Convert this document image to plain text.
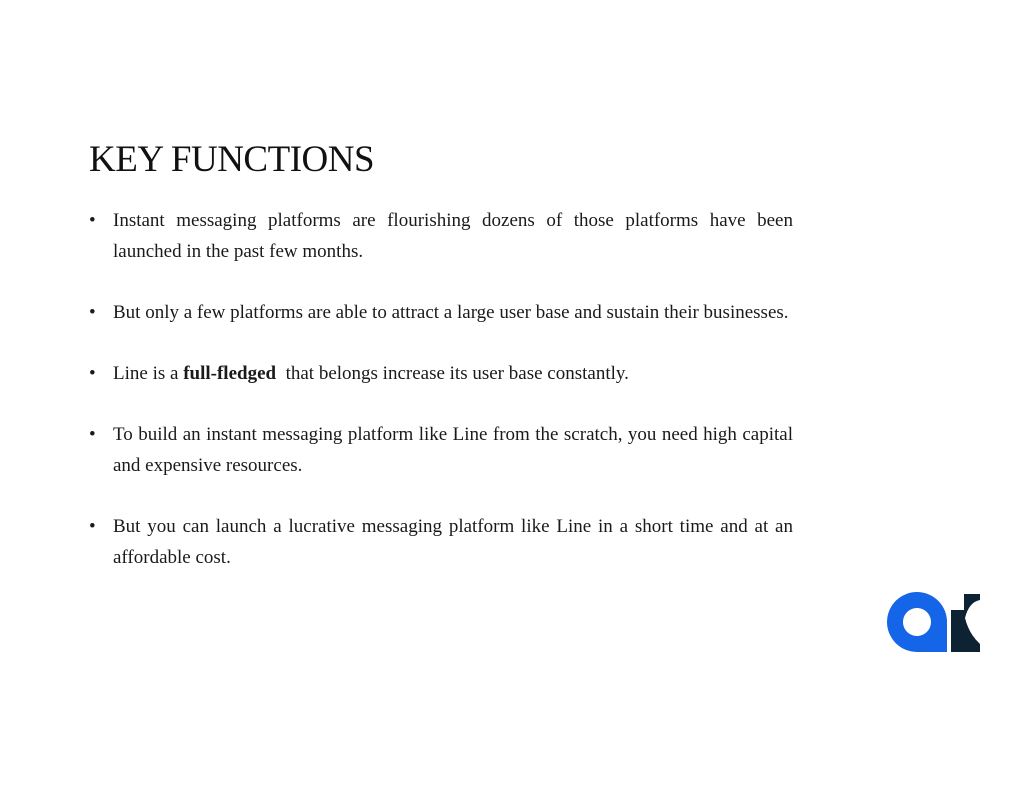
KEY FUNCTIONS
• Instant messaging platforms are flourishing dozens of those platforms have been launched in the past few months.
• But only a few platforms are able to attract a large user base and sustain their businesses.
• Line is a full-fledged  that belongs increase its user base constantly.
• To build an instant messaging platform like Line from the scratch, you need high capital and expensive resources.
• But you can launch a lucrative messaging platform like Line in a short time and at an affordable cost.
